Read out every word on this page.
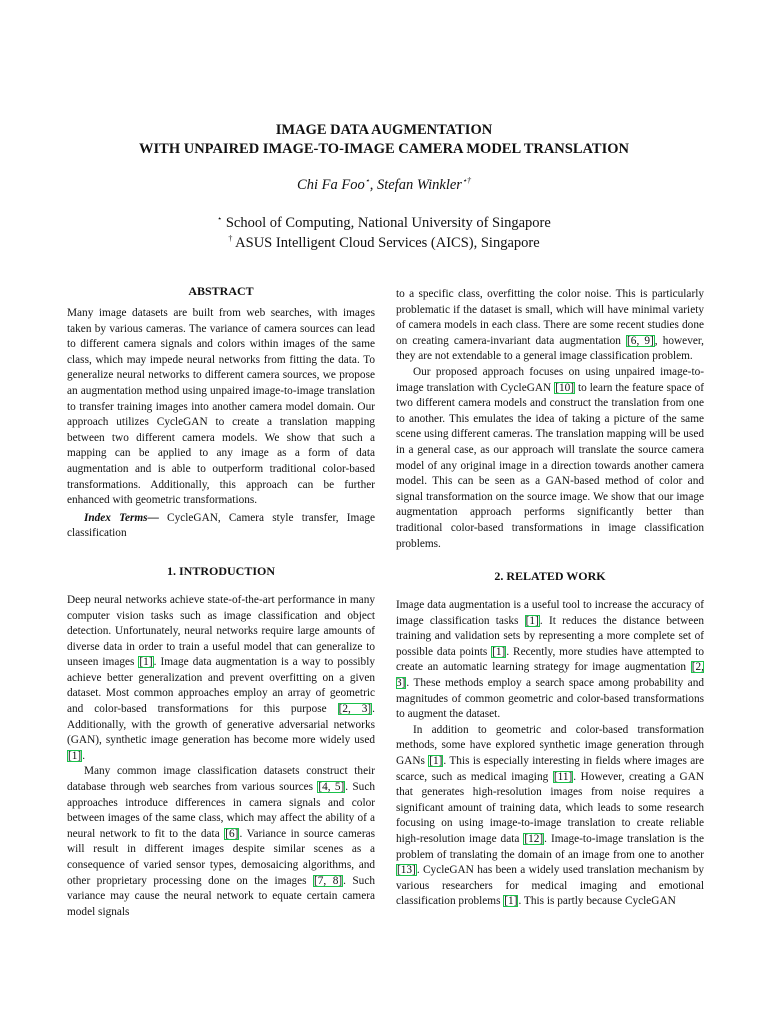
IMAGE DATA AUGMENTATION
WITH UNPAIRED IMAGE-TO-IMAGE CAMERA MODEL TRANSLATION
Chi Fa Foo⋆, Stefan Winkler⋆†
⋆ School of Computing, National University of Singapore
† ASUS Intelligent Cloud Services (AICS), Singapore
ABSTRACT

Many image datasets are built from web searches, with images taken by various cameras. The variance of camera sources can lead to different camera signals and colors within images of the same class, which may impede neural networks from fitting the data. To generalize neural networks to different camera sources, we propose an augmentation method using unpaired image-to-image translation to transfer training images into another camera model domain. Our approach utilizes CycleGAN to create a translation mapping between two different camera models. We show that such a mapping can be applied to any image as a form of data augmentation and is able to outperform traditional color-based transformations. Additionally, this approach can be further enhanced with geometric transformations.

Index Terms— CycleGAN, Camera style transfer, Image classification

1. INTRODUCTION

Deep neural networks achieve state-of-the-art performance in many computer vision tasks such as image classification and object detection. Unfortunately, neural networks require large amounts of diverse data in order to train a useful model that can generalize to unseen images [1]. Image data augmentation is a way to possibly achieve better generalization and prevent overfitting on a given dataset. Most common approaches employ an array of geometric and color-based transformations for this purpose [2, 3]. Additionally, with the growth of generative adversarial networks (GAN), synthetic image generation has become more widely used [1].

Many common image classification datasets construct their database through web searches from various sources [4, 5]. Such approaches introduce differences in camera signals and color between images of the same class, which may affect the ability of a neural network to fit to the data [6]. Variance in source cameras will result in different images despite similar scenes as a consequence of varied sensor types, demosaicing algorithms, and other proprietary processing done on the images [7, 8]. Such variance may cause the neural network to equate certain camera model signals

to a specific class, overfitting the color noise. This is particularly problematic if the dataset is small, which will have minimal variety of camera models in each class. There are some recent studies done on creating camera-invariant data augmentation [6, 9], however, they are not extendable to a general image classification problem.

Our proposed approach focuses on using unpaired image-to-image translation with CycleGAN [10] to learn the feature space of two different camera models and construct the translation from one to another. This emulates the idea of taking a picture of the same scene using different cameras. The translation mapping will be used in a general case, as our approach will translate the source camera model of any original image in a direction towards another camera model. This can be seen as a GAN-based method of color and signal transformation on the source image. We show that our image augmentation approach performs significantly better than traditional color-based transformations in image classification problems.

2. RELATED WORK

Image data augmentation is a useful tool to increase the accuracy of image classification tasks [1]. It reduces the distance between training and validation sets by representing a more complete set of possible data points [1]. Recently, more studies have attempted to create an automatic learning strategy for image augmentation [2, 3]. These methods employ a search space among probability and magnitudes of common geometric and color-based transformations to augment the dataset.

In addition to geometric and color-based transformation methods, some have explored synthetic image generation through GANs [1]. This is especially interesting in fields where images are scarce, such as medical imaging [11]. However, creating a GAN that generates high-resolution images from noise requires a significant amount of training data, which leads to some research focusing on using image-to-image translation to create reliable high-resolution image data [12]. Image-to-image translation is the problem of translating the domain of an image from one to another [13]. CycleGAN has been a widely used translation mechanism by various researchers for medical imaging and emotional classification problems [1]. This is partly because CycleGAN
